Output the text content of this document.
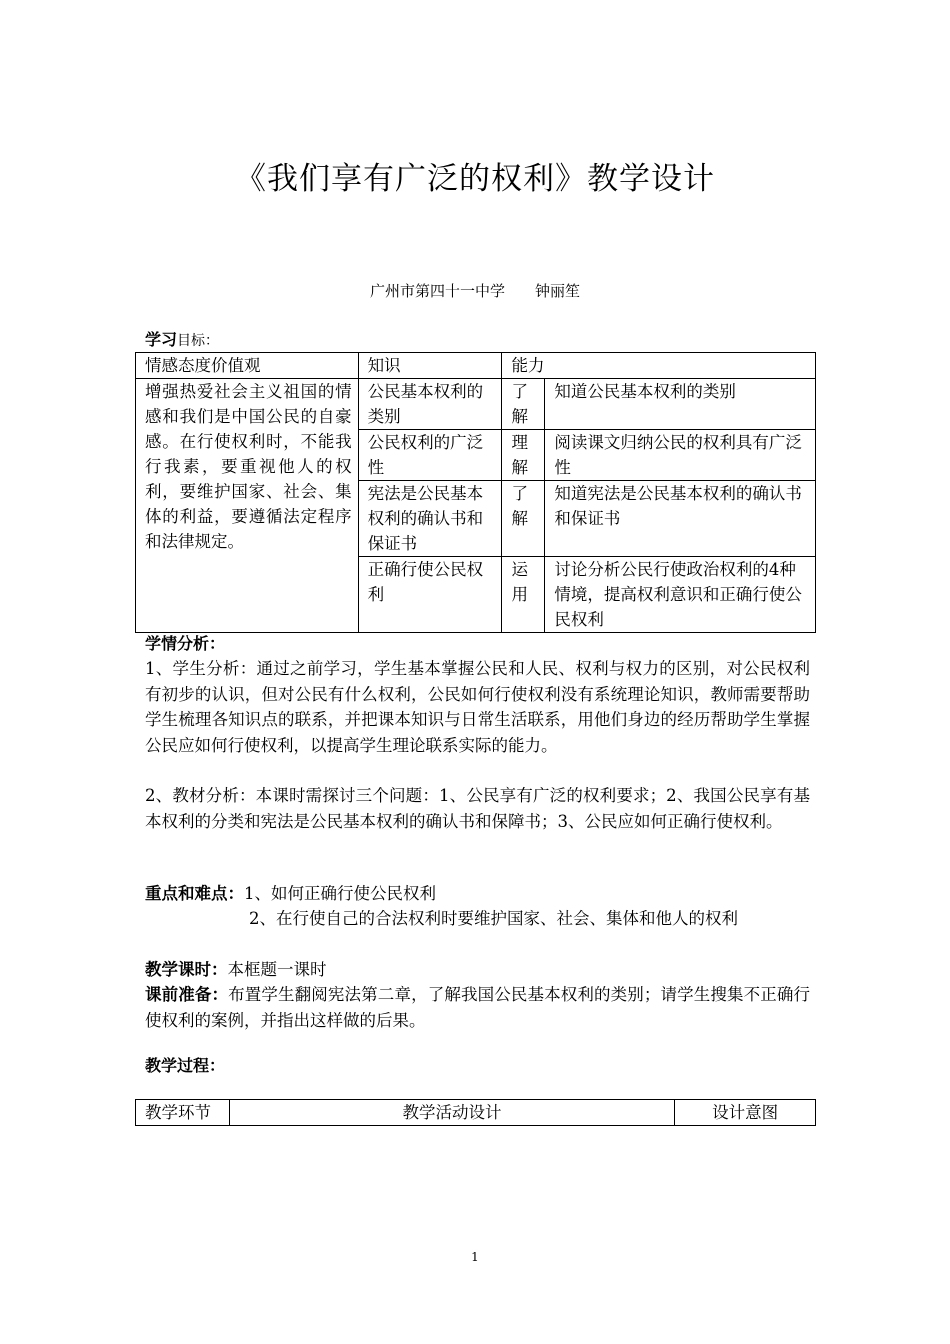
《我们享有广泛的权利》教学设计
广州市第四十一中学 钟丽笙
学习目标：
情感态度价值观	知识	能力	
增强热爱社会主义祖国的情感和我们是中国公民的自豪感。在行使权利时，不能我行我素，要重视他人的权利，要维护国家、社会、集体的利益，要遵循法定程序和法律规定。	公民基本权利的类别	了解	知道公民基本权利的类别
	公民权利的广泛性	理解	阅读课文归纳公民的权利具有广泛性
	宪法是公民基本权利的确认书和保证书	了解	知道宪法是公民基本权利的确认书和保证书
	正确行使公民权利	运用	讨论分析公民行使政治权利的4种情境，提高权利意识和正确行使公民权利
学情分析：
1、学生分析：通过之前学习，学生基本掌握公民和人民、权利与权力的区别，对公民权利有初步的认识，但对公民有什么权利，公民如何行使权利没有系统理论知识，教师需要帮助学生梳理各知识点的联系，并把课本知识与日常生活联系，用他们身边的经历帮助学生掌握公民应如何行使权利，以提高学生理论联系实际的能力。
2、教材分析：本课时需探讨三个问题：1、公民享有广泛的权利要求；2、我国公民享有基本权利的分类和宪法是公民基本权利的确认书和保障书；3、公民应如何正确行使权利。
重点和难点：1、如何正确行使公民权利
2、在行使自己的合法权利时要维护国家、社会、集体和他人的权利
教学课时：本框题一课时
课前准备：布置学生翻阅宪法第二章，了解我国公民基本权利的类别；请学生搜集不正确行使权利的案例，并指出这样做的后果。
教学过程：
教学环节	教学活动设计	设计意图
1
